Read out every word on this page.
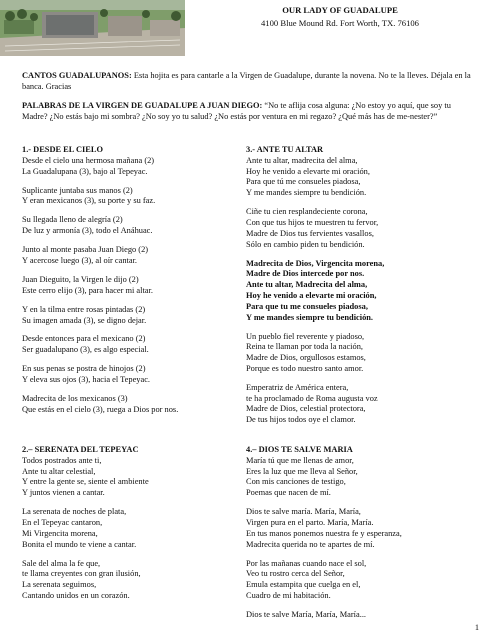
OUR LADY OF GUADALUPE
4100 Blue Mound Rd. Fort Worth, TX. 76106
CANTOS GUADALUPANOS: Esta hojita es para cantarle a la Virgen de Guadalupe, durante la novena. No te la lleves. Déjala en la banca. Gracias
PALABRAS DE LA VIRGEN DE GUADALUPE A JUAN DIEGO: “No te aflija cosa alguna: ¿No estoy yo aquí, que soy tu Madre? ¿No estás bajo mi sombra? ¿No soy yo tu salud? ¿No estás por ventura en mi regazo? ¿Qué más has de me-nester?”
1.- DESDE EL CIELO
Desde el cielo una hermosa mañana (2)
La Guadalupana (3), bajo al Tepeyac.
Suplicante juntaba sus manos (2)
Y eran mexicanos (3), su porte y su faz.
Su llegada lleno de alegría (2)
De luz y armonía (3), todo el Anáhuac.
Junto al monte pasaba Juan Diego (2)
Y acercose luego (3), al oír cantar.
Juan Dieguito, la Virgen le dijo (2)
Este cerro elijo (3), para hacer mi altar.
Y en la tilma entre rosas pintadas (2)
Su imagen amada (3), se digno dejar.
Desde entonces para el mexicano (2)
Ser guadalupano (3), es algo especial.
En sus penas se postra de hinojos (2)
Y eleva sus ojos (3), hacia el Tepeyac.
Madrecita de los mexicanos (3)
Que estás en el cielo (3), ruega a Dios por nos.
2.– SERENATA DEL TEPEYAC
Todos postrados ante ti,
Ante tu altar celestial,
Y entre la gente se, siente el ambiente
Y juntos vienen a cantar.
La serenata de noches de plata,
En el Tepeyac cantaron,
Mi Virgencita morena,
Bonita el mundo te viene a cantar.
Sale del alma la fe que,
te llama creyentes con gran ilusión,
La serenata seguimos,
Cantando unidos en un corazón.
3.- ANTE TU ALTAR
Ante tu altar, madrecita del alma,
Hoy he venido a elevarte mi oración,
Para que tú me consueles piadosa,
Y me mandes siempre tu bendición.
Ciñe tu cien resplandeciente corona,
Con que tus hijos te muestren tu fervor,
Madre de Dios tus fervientes vasallos,
Sólo en cambio piden tu bendición.
Madrecita de Dios, Virgencita morena,
Madre de Dios intercede por nos.
Ante tu altar, Madrecita del alma,
Hoy he venido a elevarte mi oración,
Para que tu me consueles piadosa,
Y me mandes siempre tu bendición.
Un pueblo fiel reverente y piadoso,
Reina te llaman por toda la nación,
Madre de Dios, orgullosos estamos,
Porque es todo nuestro santo amor.
Emperatriz de América entera,
te ha proclamado de Roma augusta voz
Madre de Dios, celestial protectora,
De tus hijos todos oye el clamor.
4.– DIOS TE SALVE MARIA
María tú que me llenas de amor,
Eres la luz que me lleva al Señor,
Con mis canciones de testigo,
Poemas que nacen de mí.
Dios te salve maría. María, María,
Virgen pura en el parto. María, María.
En tus manos ponemos nuestra fe y esperanza,
Madrecita querida no te apartes de mí.
Por las mañanas cuando nace el sol,
Veo tu rostro cerca del Señor,
Emula estampita que cuelga en el,
Cuadro de mi habitación.
Dios te salve María, María, María...
1
